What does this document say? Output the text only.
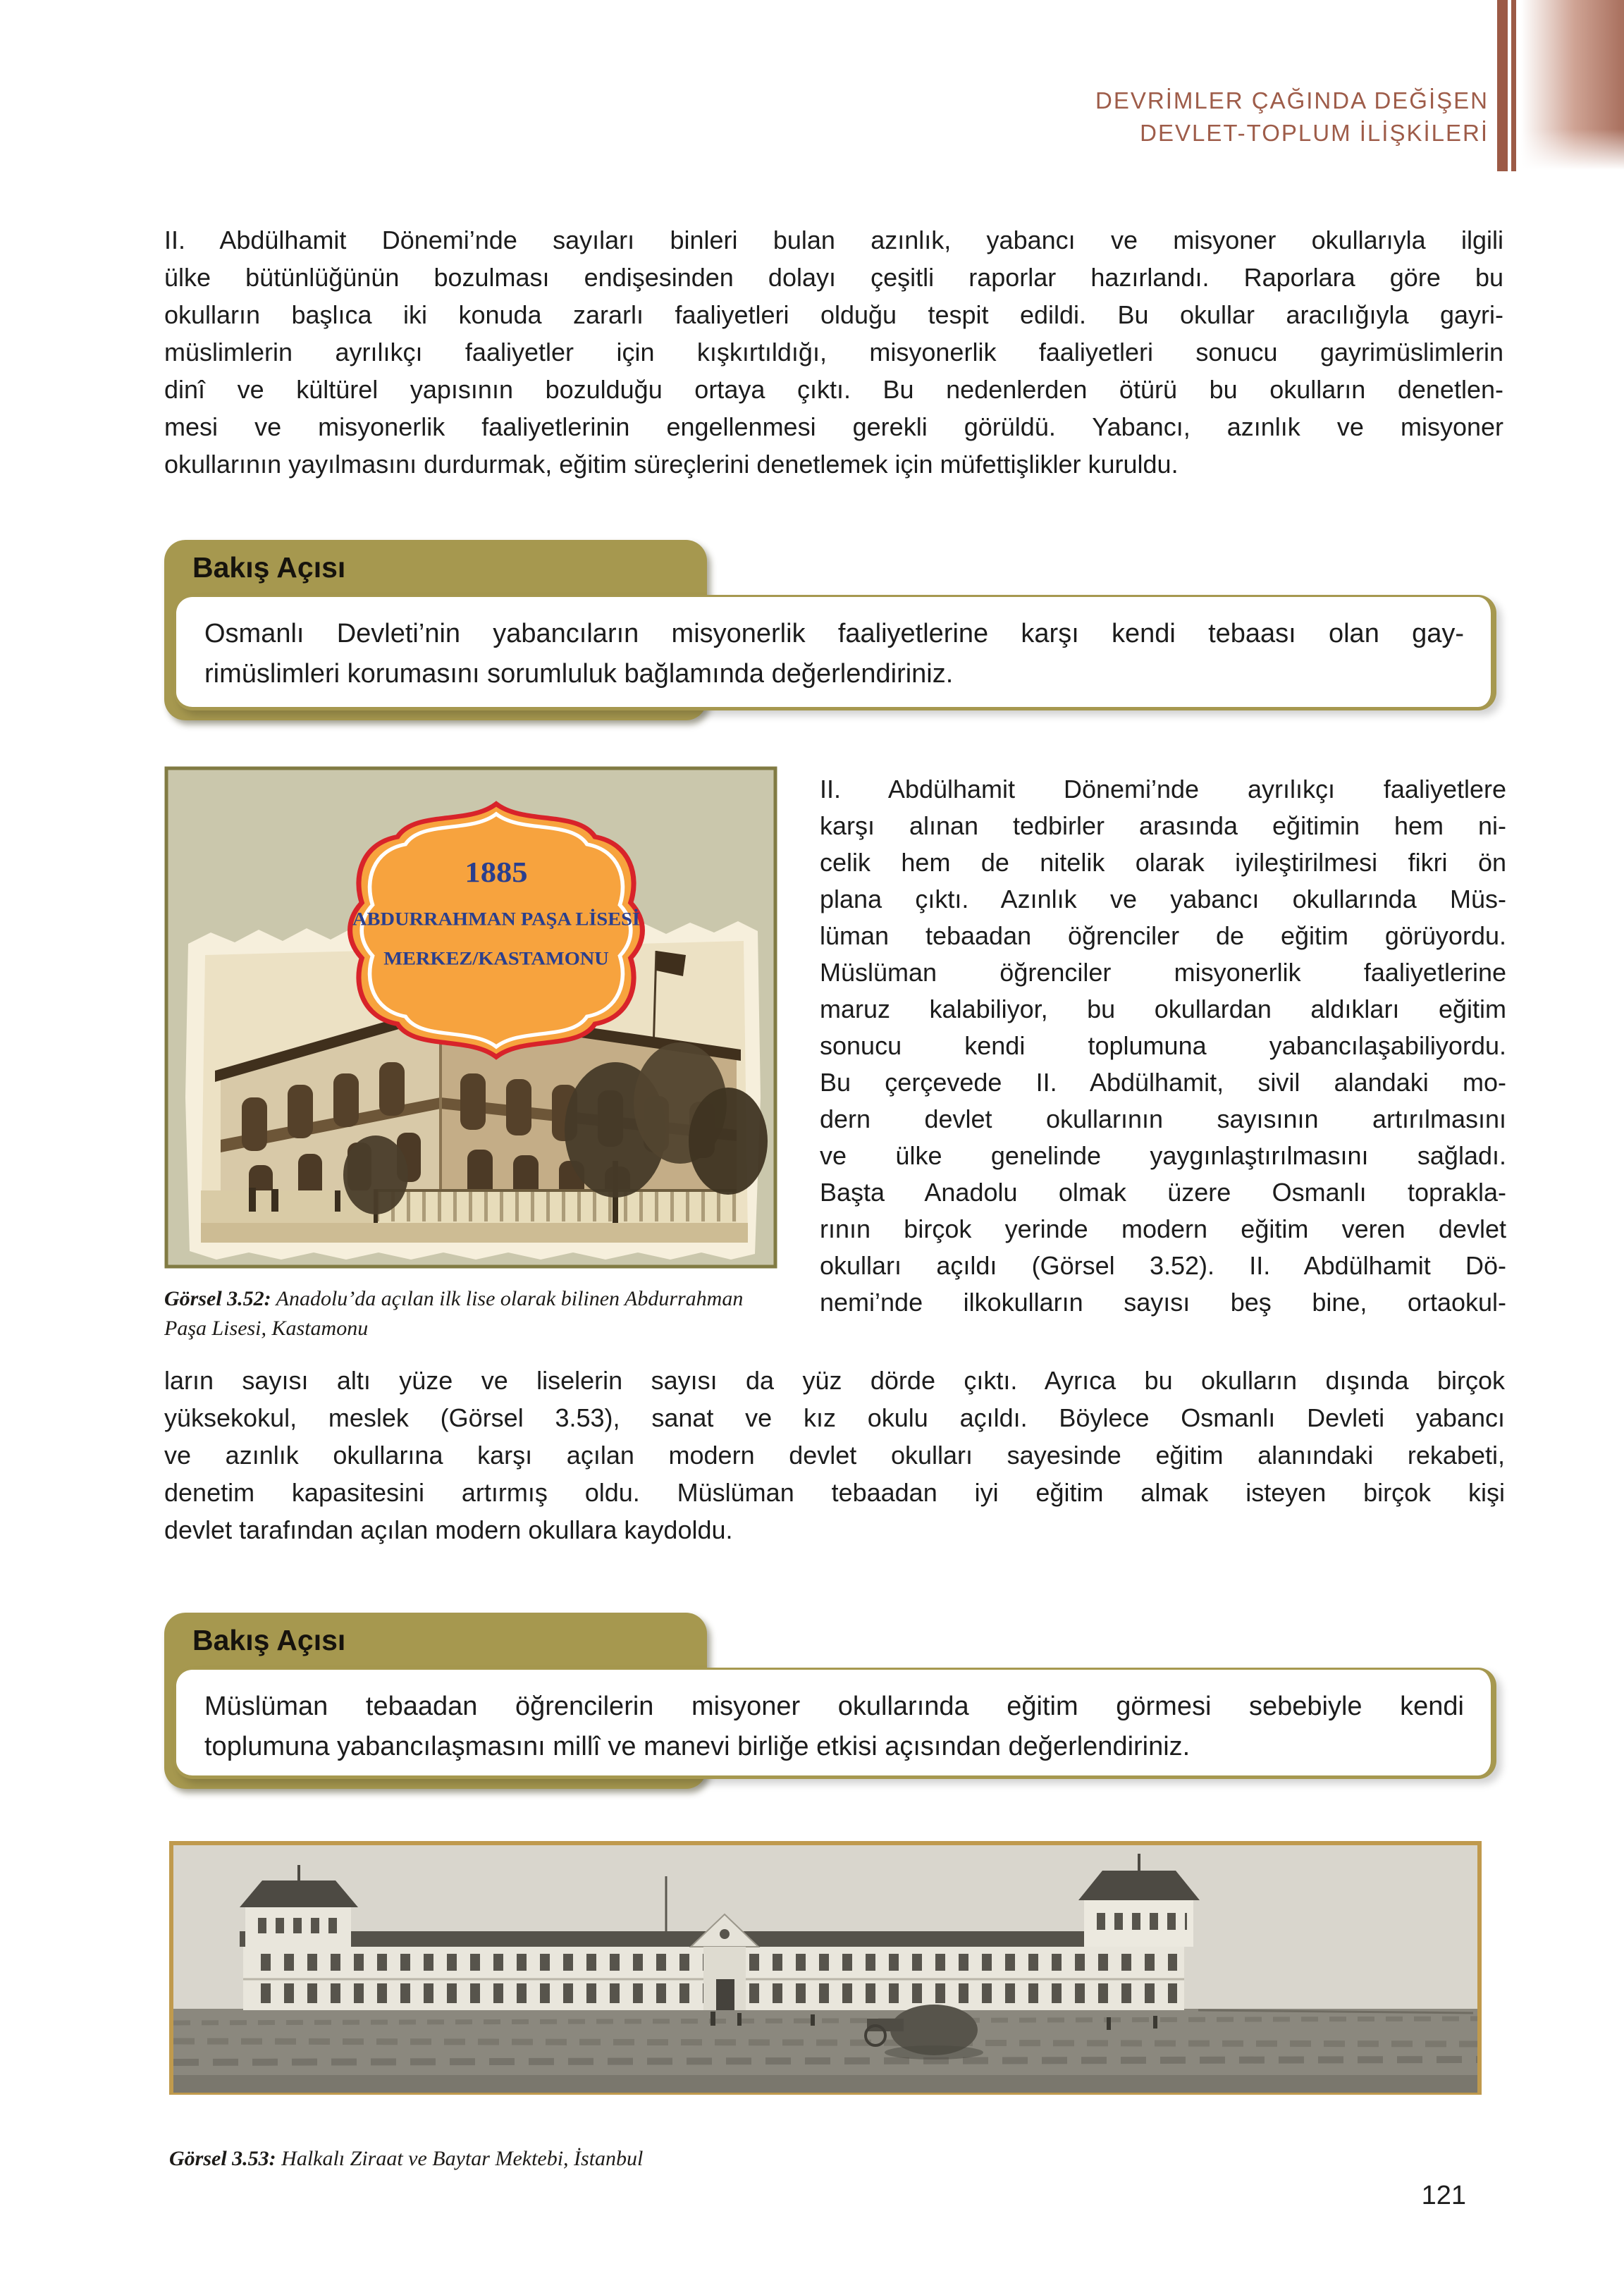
DEVRİMLER ÇAĞINDA DEĞİŞEN
DEVLET-TOPLUM İLİŞKİLERİ
II. Abdülhamit Dönemi’nde sayıları binleri bulan azınlık, yabancı ve misyoner okullarıyla ilgili
ülke bütünlüğünün bozulması endişesinden dolayı çeşitli raporlar hazırlandı. Raporlara göre bu
okulların başlıca iki konuda zararlı faaliyetleri olduğu tespit edildi. Bu okullar aracılığıyla gayri-
müslimlerin ayrılıkçı faaliyetler için kışkırtıldığı, misyonerlik faaliyetleri sonucu gayrimüslimlerin
dinî ve kültürel yapısının bozulduğu ortaya çıktı. Bu nedenlerden ötürü bu okulların denetlen-
mesi ve misyonerlik faaliyetlerinin engellenmesi gerekli görüldü. Yabancı, azınlık ve misyoner
okullarının yayılmasını durdurmak, eğitim süreçlerini denetlemek için müfettişlikler kuruldu.
Bakış Açısı
Osmanlı Devleti’nin yabancıların misyonerlik faaliyetlerine karşı kendi tebaası olan gay-
rimüslimleri korumasını sorumluluk bağlamında değerlendiriniz.
1885
ABDURRAHMAN PAŞA LİSESİ
MERKEZ/KASTAMONU
Görsel 3.52: Anadolu’da açılan ilk lise olarak bilinen Abdurrahman
Paşa Lisesi, Kastamonu
II. Abdülhamit Dönemi’nde ayrılıkçı faaliyetlere
karşı alınan tedbirler arasında eğitimin hem ni-
celik hem de nitelik olarak iyileştirilmesi fikri ön
plana çıktı. Azınlık ve yabancı okullarında Müs-
lüman tebaadan öğrenciler de eğitim görüyordu.
Müslüman öğrenciler misyonerlik faaliyetlerine
maruz kalabiliyor, bu okullardan aldıkları eğitim
sonucu kendi toplumuna yabancılaşabiliyordu.
Bu çerçevede II. Abdülhamit, sivil alandaki mo-
dern devlet okullarının sayısının artırılmasını
ve ülke genelinde yaygınlaştırılmasını sağladı.
Başta Anadolu olmak üzere Osmanlı toprakla-
rının birçok yerinde modern eğitim veren devlet
okulları açıldı (Görsel 3.52). II. Abdülhamit Dö-
nemi’nde ilkokulların sayısı beş bine, ortaokul-
ların sayısı altı yüze ve liselerin sayısı da yüz dörde çıktı. Ayrıca bu okulların dışında birçok
yüksekokul, meslek (Görsel 3.53), sanat ve kız okulu açıldı. Böylece Osmanlı Devleti yabancı
ve azınlık okullarına karşı açılan modern devlet okulları sayesinde eğitim alanındaki rekabeti,
denetim kapasitesini artırmış oldu. Müslüman tebaadan iyi eğitim almak isteyen birçok kişi
devlet tarafından açılan modern okullara kaydoldu.
Bakış Açısı
Müslüman tebaadan öğrencilerin misyoner okullarında eğitim görmesi sebebiyle kendi
toplumuna yabancılaşmasını millî ve manevi birliğe etkisi açısından değerlendiriniz.
Görsel 3.53: Halkalı Ziraat ve Baytar Mektebi, İstanbul
121
